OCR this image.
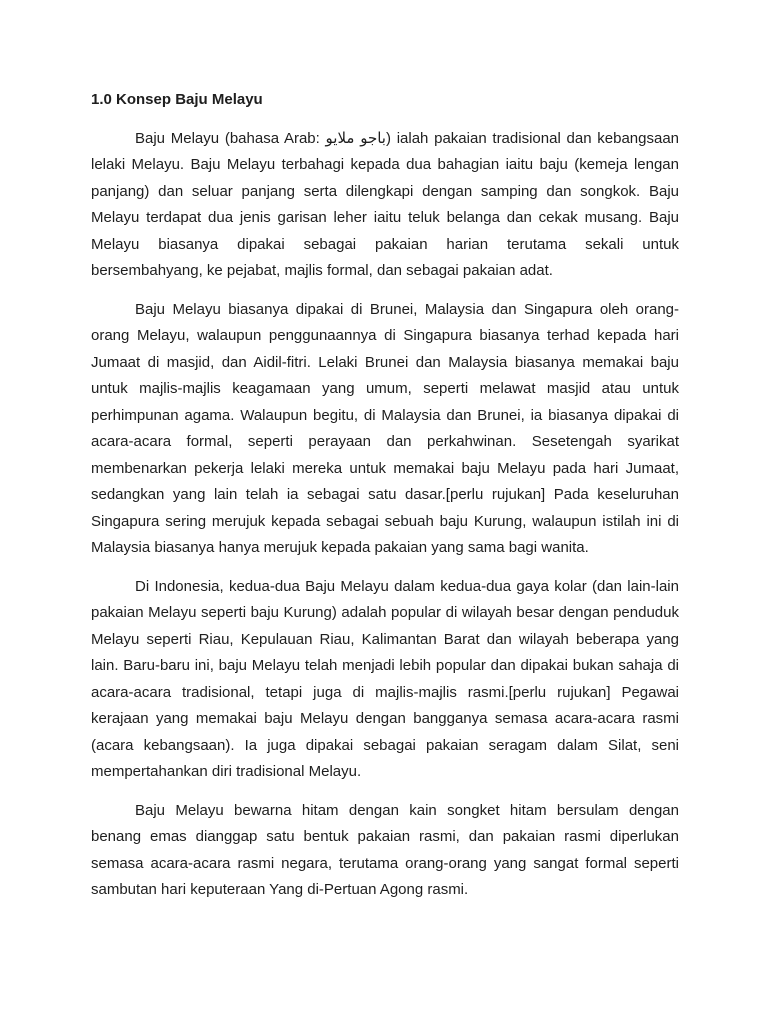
1.0 Konsep Baju Melayu
Baju Melayu (bahasa Arab: باجو ملايو) ialah pakaian tradisional dan kebangsaan
lelaki Melayu. Baju Melayu terbahagi kepada dua bahagian iaitu baju (kemeja lengan
panjang) dan seluar panjang serta dilengkapi dengan samping dan songkok. Baju
Melayu terdapat dua jenis garisan leher iaitu teluk belanga dan cekak musang. Baju
Melayu biasanya dipakai sebagai pakaian harian terutama sekali untuk
bersembahyang, ke pejabat, majlis formal, dan sebagai pakaian adat.
Baju Melayu biasanya dipakai di Brunei, Malaysia dan Singapura oleh orang-
orang Melayu, walaupun penggunaannya di Singapura biasanya terhad kepada hari
Jumaat di masjid, dan Aidil-fitri. Lelaki Brunei dan Malaysia biasanya memakai baju
untuk majlis-majlis keagamaan yang umum, seperti melawat masjid atau untuk
perhimpunan agama. Walaupun begitu, di Malaysia dan Brunei, ia biasanya dipakai di
acara-acara formal, seperti perayaan dan perkahwinan. Sesetengah syarikat
membenarkan pekerja lelaki mereka untuk memakai baju Melayu pada hari Jumaat,
sedangkan yang lain telah ia sebagai satu dasar.[perlu rujukan] Pada keseluruhan
Singapura sering merujuk kepada sebagai sebuah baju Kurung, walaupun istilah ini di
Malaysia biasanya hanya merujuk kepada pakaian yang sama bagi wanita.
Di Indonesia, kedua-dua Baju Melayu dalam kedua-dua gaya kolar (dan lain-lain
pakaian Melayu seperti baju Kurung) adalah popular di wilayah besar dengan penduduk
Melayu seperti Riau, Kepulauan Riau, Kalimantan Barat dan wilayah beberapa yang
lain. Baru-baru ini, baju Melayu telah menjadi lebih popular dan dipakai bukan sahaja di
acara-acara tradisional, tetapi juga di majlis-majlis rasmi.[perlu rujukan] Pegawai
kerajaan yang memakai baju Melayu dengan bangganya semasa acara-acara rasmi
(acara kebangsaan). Ia juga dipakai sebagai pakaian seragam dalam Silat, seni
mempertahankan diri tradisional Melayu.
Baju Melayu bewarna hitam dengan kain songket hitam bersulam dengan
benang emas dianggap satu bentuk pakaian rasmi, dan pakaian rasmi diperlukan
semasa acara-acara rasmi negara, terutama orang-orang yang sangat formal seperti
sambutan hari keputeraan Yang di-Pertuan Agong rasmi.
